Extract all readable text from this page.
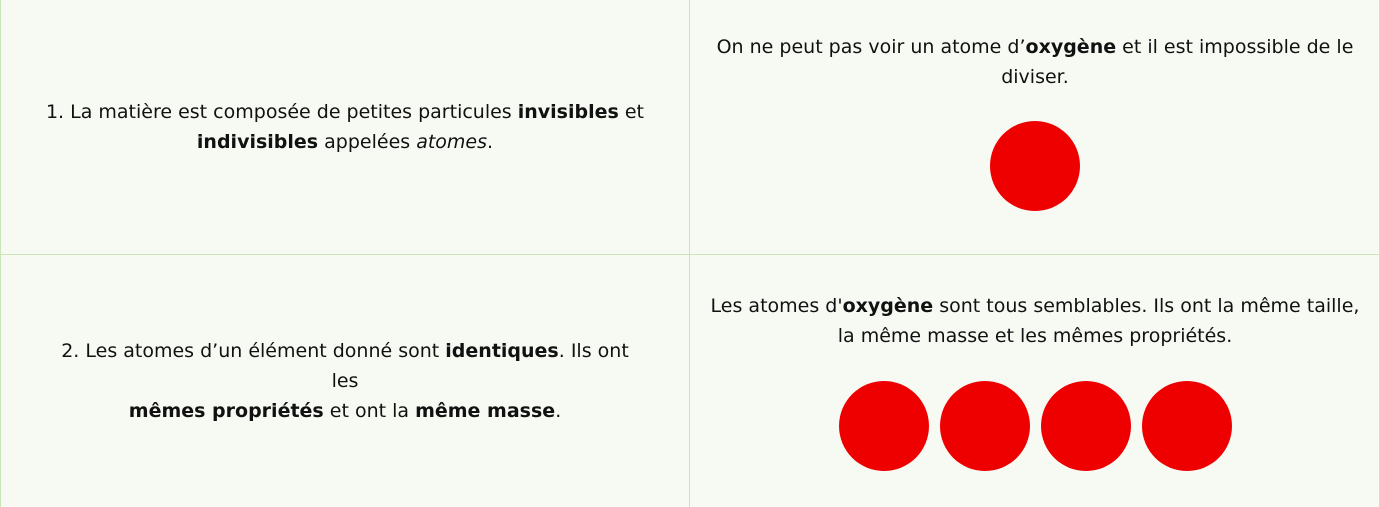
1. La matière est composée de petites particules invisibles et
indivisibles appelées atomes.
On ne peut pas voir un atome d’oxygène et il est impossible de le diviser.
2. Les atomes d’un élément donné sont identiques. Ils ont les
mêmes propriétés et ont la même masse.
Les atomes d'oxygène sont tous semblables. Ils ont la même taille, la même masse et les mêmes propriétés.
